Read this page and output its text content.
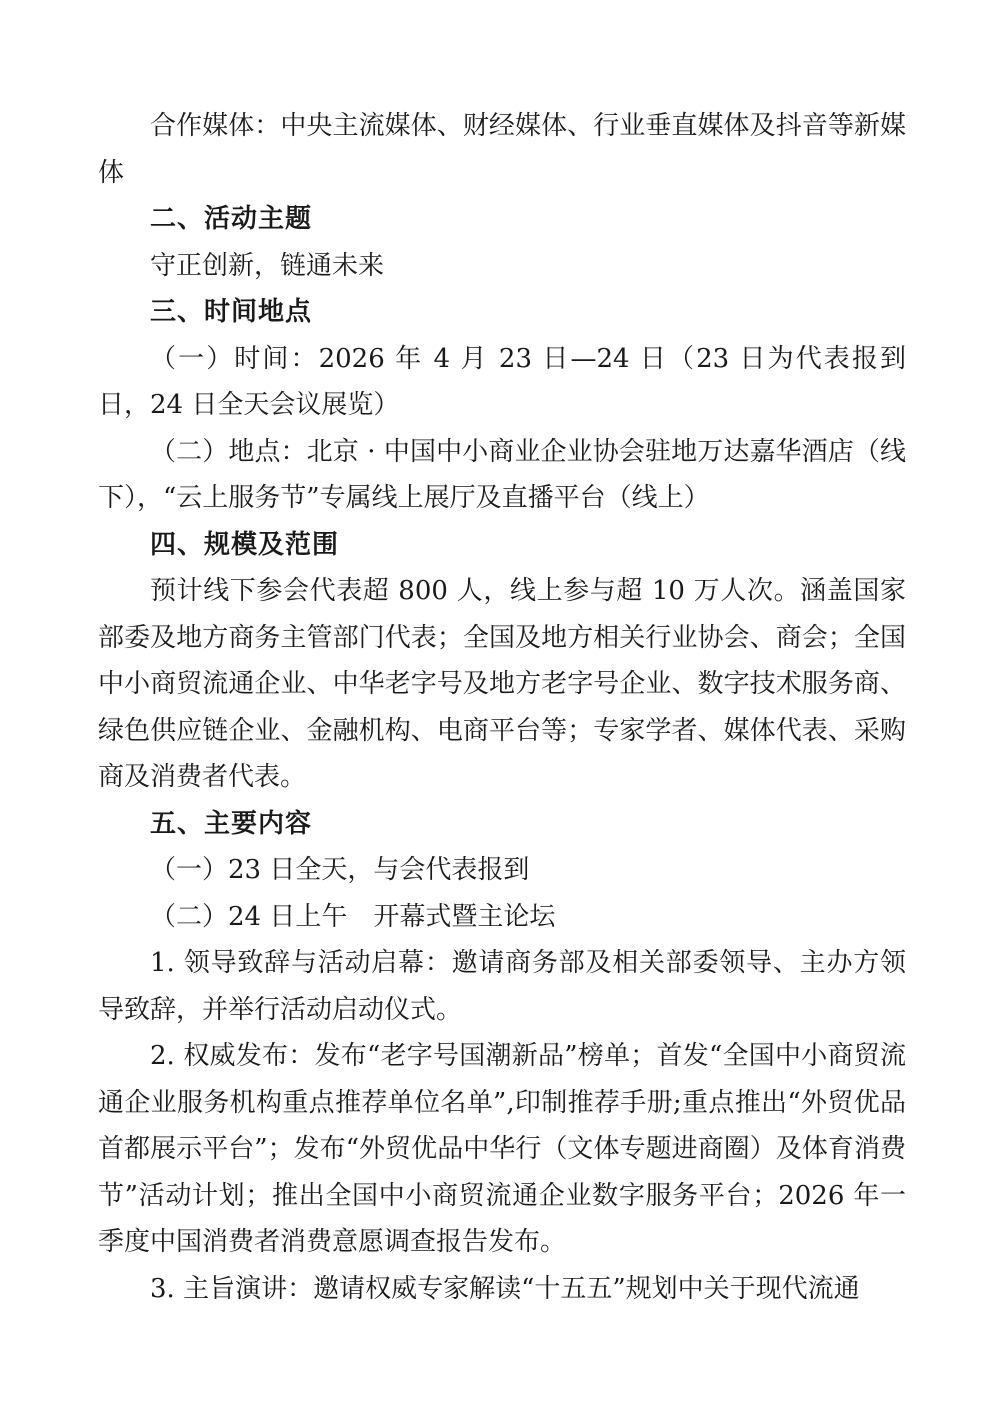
合作媒体：中央主流媒体、财经媒体、行业垂直媒体及抖音等新媒体

二、活动主题

守正创新，链通未来

三、时间地点

（一）时间：2026 年 4 月 23 日—24 日（23 日为代表报到日，24 日全天会议展览）

（二）地点：北京 · 中国中小商业企业协会驻地万达嘉华酒店（线下），“云上服务节”专属线上展厅及直播平台（线上）

四、规模及范围

预计线下参会代表超 800 人，线上参与超 10 万人次。涵盖国家部委及地方商务主管部门代表；全国及地方相关行业协会、商会；全国中小商贸流通企业、中华老字号及地方老字号企业、数字技术服务商、绿色供应链企业、金融机构、电商平台等；专家学者、媒体代表、采购商及消费者代表。

五、主要内容

（一）23 日全天，与会代表报到

（二）24 日上午　开幕式暨主论坛

1. 领导致辞与活动启幕：邀请商务部及相关部委领导、主办方领导致辞，并举行活动启动仪式。

2. 权威发布：发布“老字号国潮新品”榜单；首发“全国中小商贸流通企业服务机构重点推荐单位名单”,印制推荐手册;重点推出“外贸优品首都展示平台”；发布“外贸优品中华行（文体专题进商圈）及体育消费节”活动计划；推出全国中小商贸流通企业数字服务平台；2026 年一季度中国消费者消费意愿调查报告发布。

3. 主旨演讲：邀请权威专家解读“十五五”规划中关于现代流通
